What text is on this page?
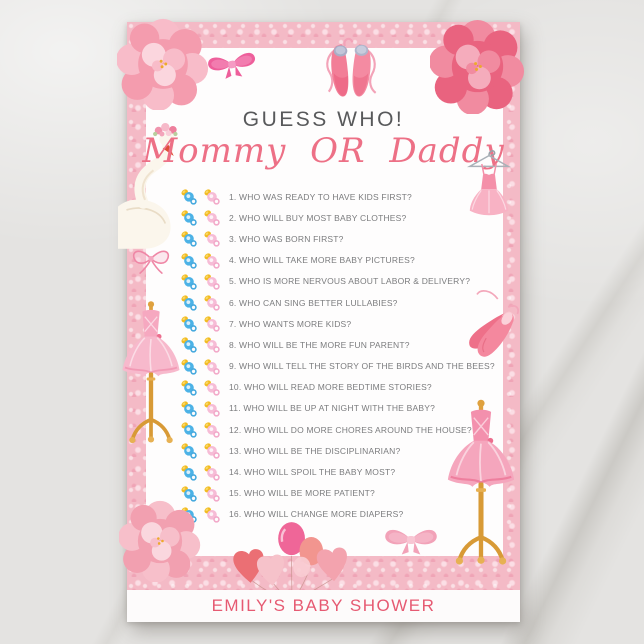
GUESS WHO!
Mommy OR Daddy
1. WHO WAS READY TO HAVE KIDS FIRST?
2. WHO WILL BUY MOST BABY CLOTHES?
3. WHO WAS BORN FIRST?
4. WHO WILL TAKE MORE BABY PICTURES?
5. WHO IS MORE NERVOUS ABOUT LABOR & DELIVERY?
6. WHO CAN SING BETTER LULLABIES?
7. WHO WANTS MORE KIDS?
8. WHO WILL BE THE MORE FUN PARENT?
9. WHO WILL TELL THE STORY OF THE BIRDS AND THE BEES?
10. WHO WILL READ MORE BEDTIME STORIES?
11. WHO WILL BE UP AT NIGHT WITH THE BABY?
12. WHO WILL DO MORE CHORES AROUND THE HOUSE?
13. WHO WILL BE THE DISCIPLINARIAN?
14. WHO WILL SPOIL THE BABY MOST?
15. WHO WILL BE MORE PATIENT?
16. WHO WILL CHANGE MORE DIAPERS?
EMILY'S BABY SHOWER
